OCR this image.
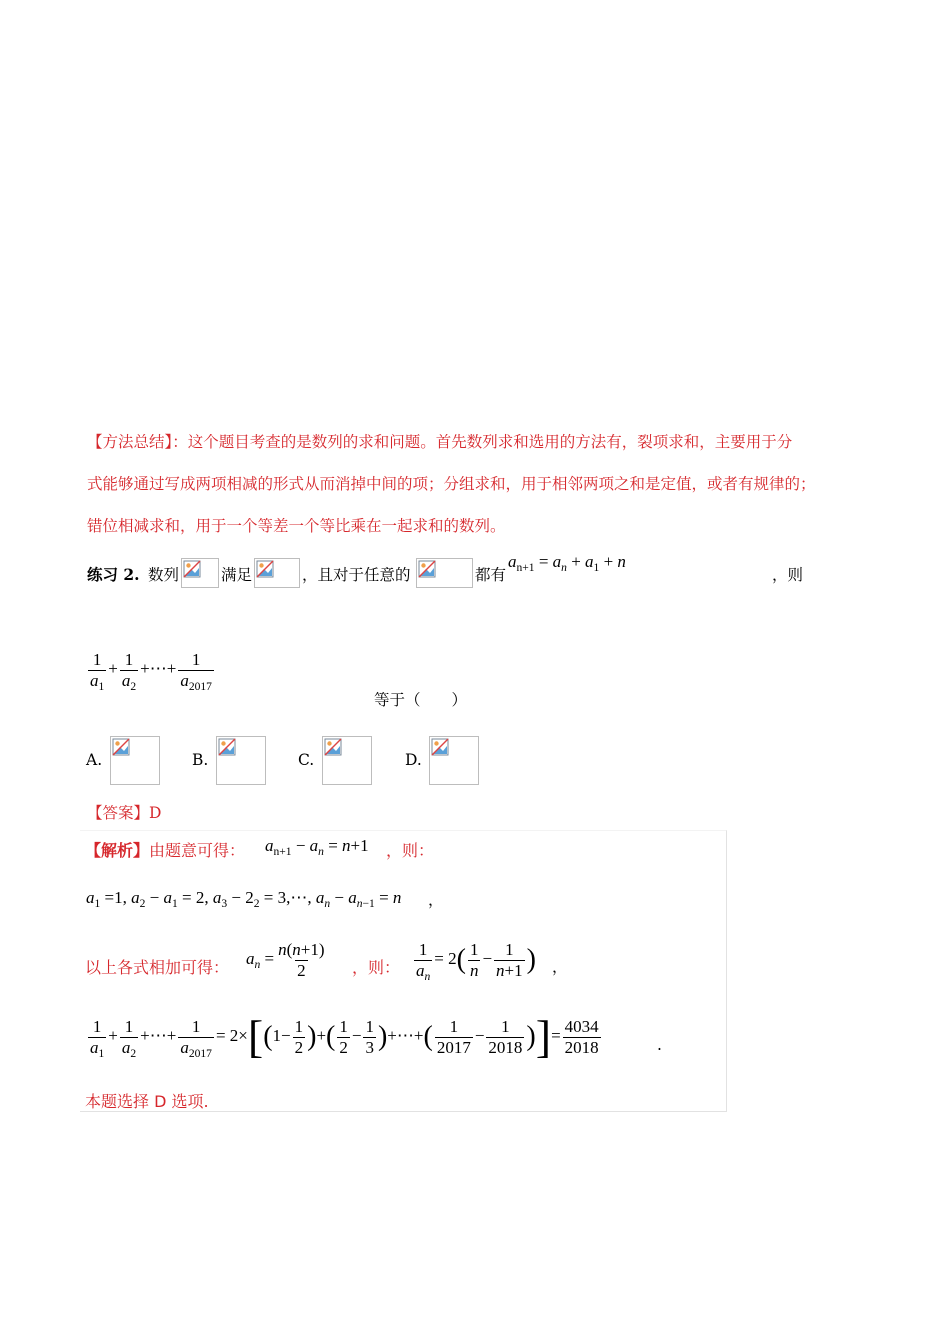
【方法总结】：这个题目考查的是数列的求和问题。首先数列求和选用的方法有，裂项求和，主要用于分
式能够通过写成两项相减的形式从而消掉中间的项；分组求和，用于相邻两项之和是定值，或者有规律的；
错位相减求和，用于一个等差一个等比乘在一起求和的数列。
练习 2. 数列	满足	，且对于任意的	都有
$a_{n+1} = a_n + a_1 + n$
，则
$\frac{1}{a_1} + \frac{1}{a_2}$ +⋯+ $\frac{1}{a_{2017}}$
等于（　　）
A.	B.	C.	D.
【答案】D
【解析】由题意可得： $a_{n+1} - a_n = n+1$ ，则：
$a_1 =1$, $a_2 - a_1 = 2$, $a_3 - 2_2$ = 3,⋯, $a_n - a_{n-1} = n$ ，
以上各式相加可得： $a_n = \frac{n(n+1)}{2}$ ，则： $\frac{1}{a_n} = 2( \frac{1}{n} - \frac{1}{n+1}$ ) ，
$\frac{1}{a_1} + \frac{1}{a_2}$ +⋯+ $\frac{1}{a_{2017}} = 2\times[(1- \frac{1}{2}$ )+( $\frac{1}{2} - \frac{1}{3}$ )+⋯+( $\frac{1}{2017} - \frac{1}{2018}$ )]= $\frac{4034}{2018}$	.
本题选择 D 选项.
